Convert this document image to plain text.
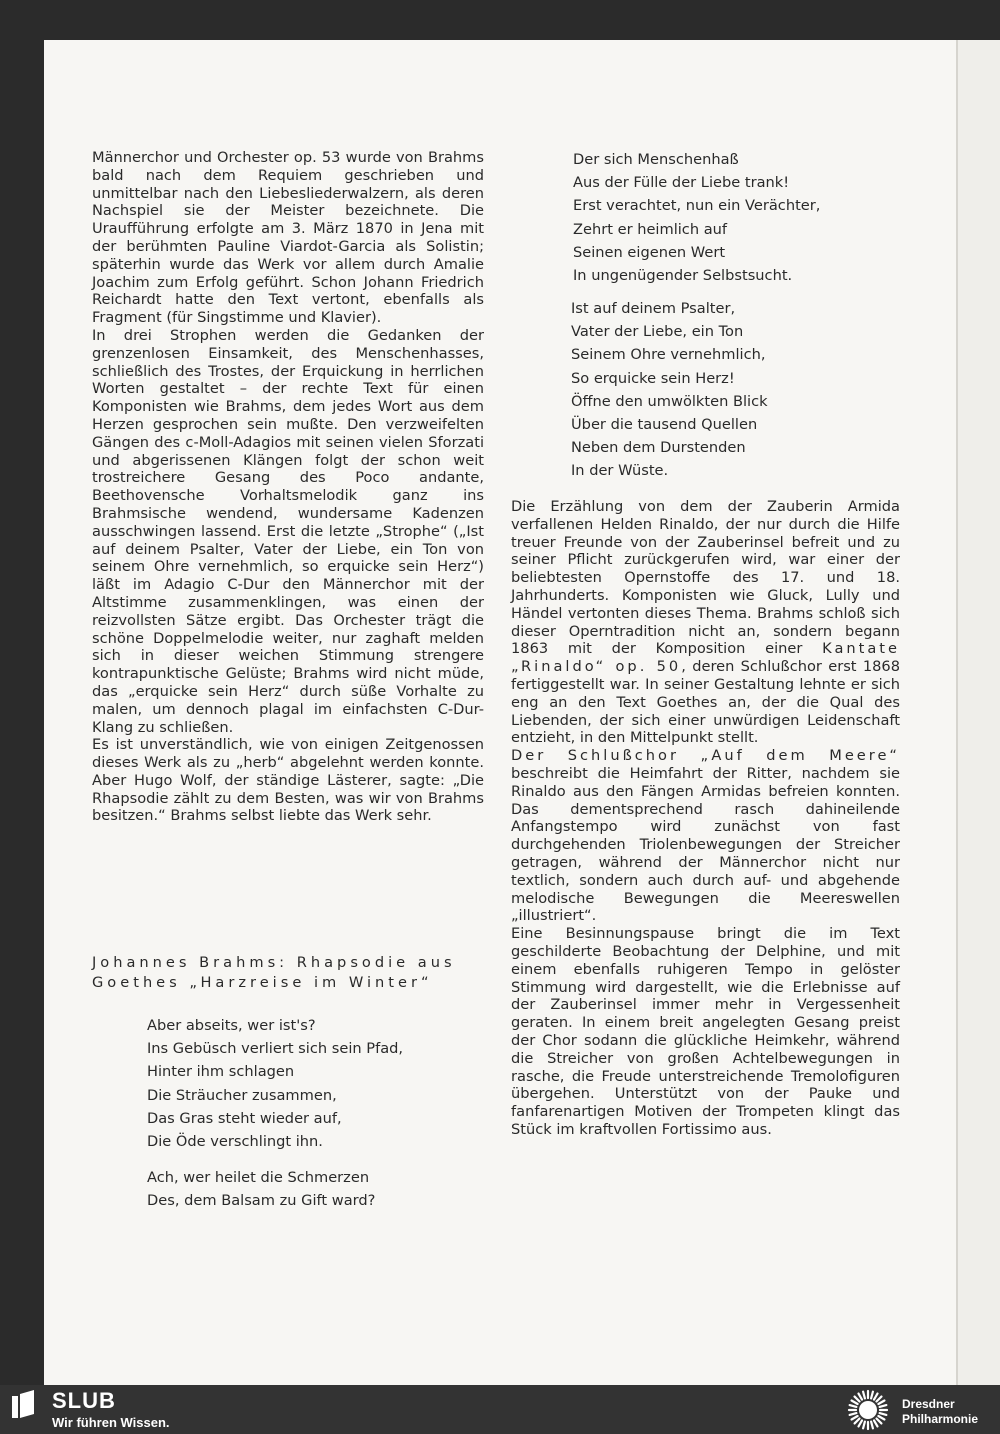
Männerchor und Orchester op. 53 wurde von Brahms bald nach dem Requiem geschrieben und unmittelbar nach den Liebesliederwalzern, als deren Nachspiel sie der Meister bezeichnete. Die Uraufführung erfolgte am 3. März 1870 in Jena mit der berühmten Pauline Viardot-Garcia als Solistin; späterhin wurde das Werk vor allem durch Amalie Joachim zum Erfolg geführt. Schon Johann Friedrich Reichardt hatte den Text vertont, ebenfalls als Fragment (für Singstimme und Klavier).

In drei Strophen werden die Gedanken der grenzenlosen Einsamkeit, des Menschenhasses, schließlich des Trostes, der Erquickung in herrlichen Worten gestaltet – der rechte Text für einen Komponisten wie Brahms, dem jedes Wort aus dem Herzen gesprochen sein mußte. Den verzweifelten Gängen des c-Moll-Adagios mit seinen vielen Sforzati und abgerissenen Klängen folgt der schon weit trostreichere Gesang des Poco andante, Beethovensche Vorhaltsmelodik ganz ins Brahmsische wendend, wundersame Kadenzen ausschwingen lassend. Erst die letzte „Strophe“ („Ist auf deinem Psalter, Vater der Liebe, ein Ton von seinem Ohre vernehmlich, so erquicke sein Herz“) läßt im Adagio C-Dur den Männerchor mit der Altstimme zusammenklingen, was einen der reizvollsten Sätze ergibt. Das Orchester trägt die schöne Doppelmelodie weiter, nur zaghaft melden sich in dieser weichen Stimmung strengere kontrapunktische Gelüste; Brahms wird nicht müde, das „erquicke sein Herz“ durch süße Vorhalte zu malen, um dennoch plagal im einfachsten C-Dur-Klang zu schließen.

Es ist unverständlich, wie von einigen Zeitgenossen dieses Werk als zu „herb“ abgelehnt werden konnte. Aber Hugo Wolf, der ständige Lästerer, sagte: „Die Rhapsodie zählt zu dem Besten, was wir von Brahms besitzen.“ Brahms selbst liebte das Werk sehr.

Johannes Brahms: Rhapsodie aus
Goethes „Harzreise im Winter“
Aber abseits, wer ist's?
Ins Gebüsch verliert sich sein Pfad,
Hinter ihm schlagen
Die Sträucher zusammen,
Das Gras steht wieder auf,
Die Öde verschlingt ihn.
Ach, wer heilet die Schmerzen
Des, dem Balsam zu Gift ward?
Der sich Menschenhaß
Aus der Fülle der Liebe trank!
Erst verachtet, nun ein Verächter,
Zehrt er heimlich auf
Seinen eigenen Wert
In ungenügender Selbstsucht.
Ist auf deinem Psalter,
Vater der Liebe, ein Ton
Seinem Ohre vernehmlich,
So erquicke sein Herz!
Öffne den umwölkten Blick
Über die tausend Quellen
Neben dem Durstenden
In der Wüste.

Die Erzählung von dem der Zauberin Armida verfallenen Helden Rinaldo, der nur durch die Hilfe treuer Freunde von der Zauberinsel befreit und zu seiner Pflicht zurückgerufen wird, war einer der beliebtesten Opernstoffe des 17. und 18. Jahrhunderts. Komponisten wie Gluck, Lully und Händel vertonten dieses Thema. Brahms schloß sich dieser Operntradition nicht an, sondern begann 1863 mit der Komposition einer Kantate „Rinaldo“ op. 50, deren Schlußchor erst 1868 fertiggestellt war. In seiner Gestaltung lehnte er sich eng an den Text Goethes an, der die Qual des Liebenden, der sich einer unwürdigen Leidenschaft entzieht, in den Mittelpunkt stellt.

Der Schlußchor „Auf dem Meere“ beschreibt die Heimfahrt der Ritter, nachdem sie Rinaldo aus den Fängen Armidas befreien konnten. Das dementsprechend rasch dahineilende Anfangstempo wird zunächst von fast durchgehenden Triolenbewegungen der Streicher getragen, während der Männerchor nicht nur textlich, sondern auch durch auf- und abgehende melodische Bewegungen die Meereswellen „illustriert“.

Eine Besinnungspause bringt die im Text geschilderte Beobachtung der Delphine, und mit einem ebenfalls ruhigeren Tempo in gelöster Stimmung wird dargestellt, wie die Erlebnisse auf der Zauberinsel immer mehr in Vergessenheit geraten. In einem breit angelegten Gesang preist der Chor sodann die glückliche Heimkehr, während die Streicher von großen Achtelbewegungen in rasche, die Freude unterstreichende Tremolofiguren übergehen. Unterstützt von der Pauke und fanfarenartigen Motiven der Trompeten klingt das Stück im kraftvollen Fortissimo aus.

SLUB
Wir führen Wissen.
Dresdner
Philharmonie
